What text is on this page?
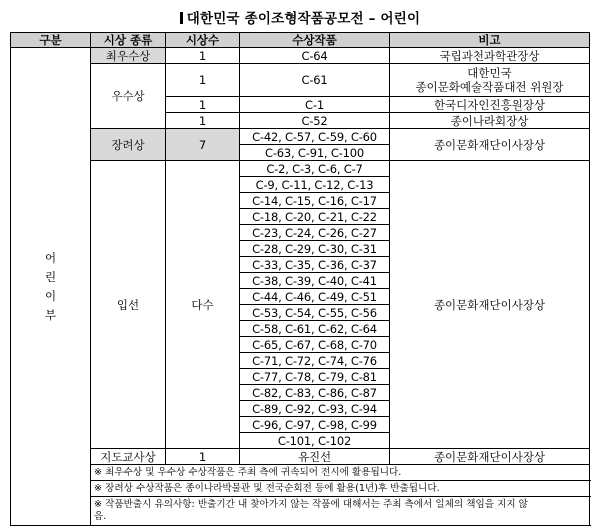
대한민국 종이조형작품공모전 – 어린이
구분	시상 종류	시상수	수상작품	비고

어
린
이
부	최우수상	1	C-64	국립과천과학관장상
	우수상	1	C-61	대한민국
종이문화예술작품대전 위원장

		1	C-1	한국디자인진흥원장상
		1	C-52	종이나라회장상
	장려상	7	C-42, C-57, C-59, C-60	종이문화재단이사장상
			C-63, C-91, C-100	
	입선	다수	C-2, C-3, C-6, C-7	종이문화재단이사장상
			C-9, C-11, C-12, C-13	
			C-14, C-15, C-16, C-17	
			C-18, C-20, C-21, C-22	
			C-23, C-24, C-26, C-27	
			C-28, C-29, C-30, C-31	
			C-33, C-35, C-36, C-37	
			C-38, C-39, C-40, C-41	
			C-44, C-46, C-49, C-51	
			C-53, C-54, C-55, C-56	
			C-58, C-61, C-62, C-64	
			C-65, C-67, C-68, C-70	
			C-71, C-72, C-74, C-76	
			C-77, C-78, C-79, C-81	
			C-82, C-83, C-86, C-87	
			C-89, C-92, C-93, C-94	
			C-96, C-97, C-98, C-99	
			C-101, C-102	
	지도교사상	1	유진선	종이문화재단이사장상
	※ 최우수상 및 우수상 수상작품은 주최 측에 귀속되어 전시에 활용됩니다.			
	※ 장려상 수상작품은 종이나라박물관 및 전국순회전 등에 활용(1년)후 반출됩니다.			
	※ 작품반출시 유의사항: 반출기간 내 찾아가지 않는 작품에 대해서는 주최 측에서 일체의 책임을 지지 않음.			
